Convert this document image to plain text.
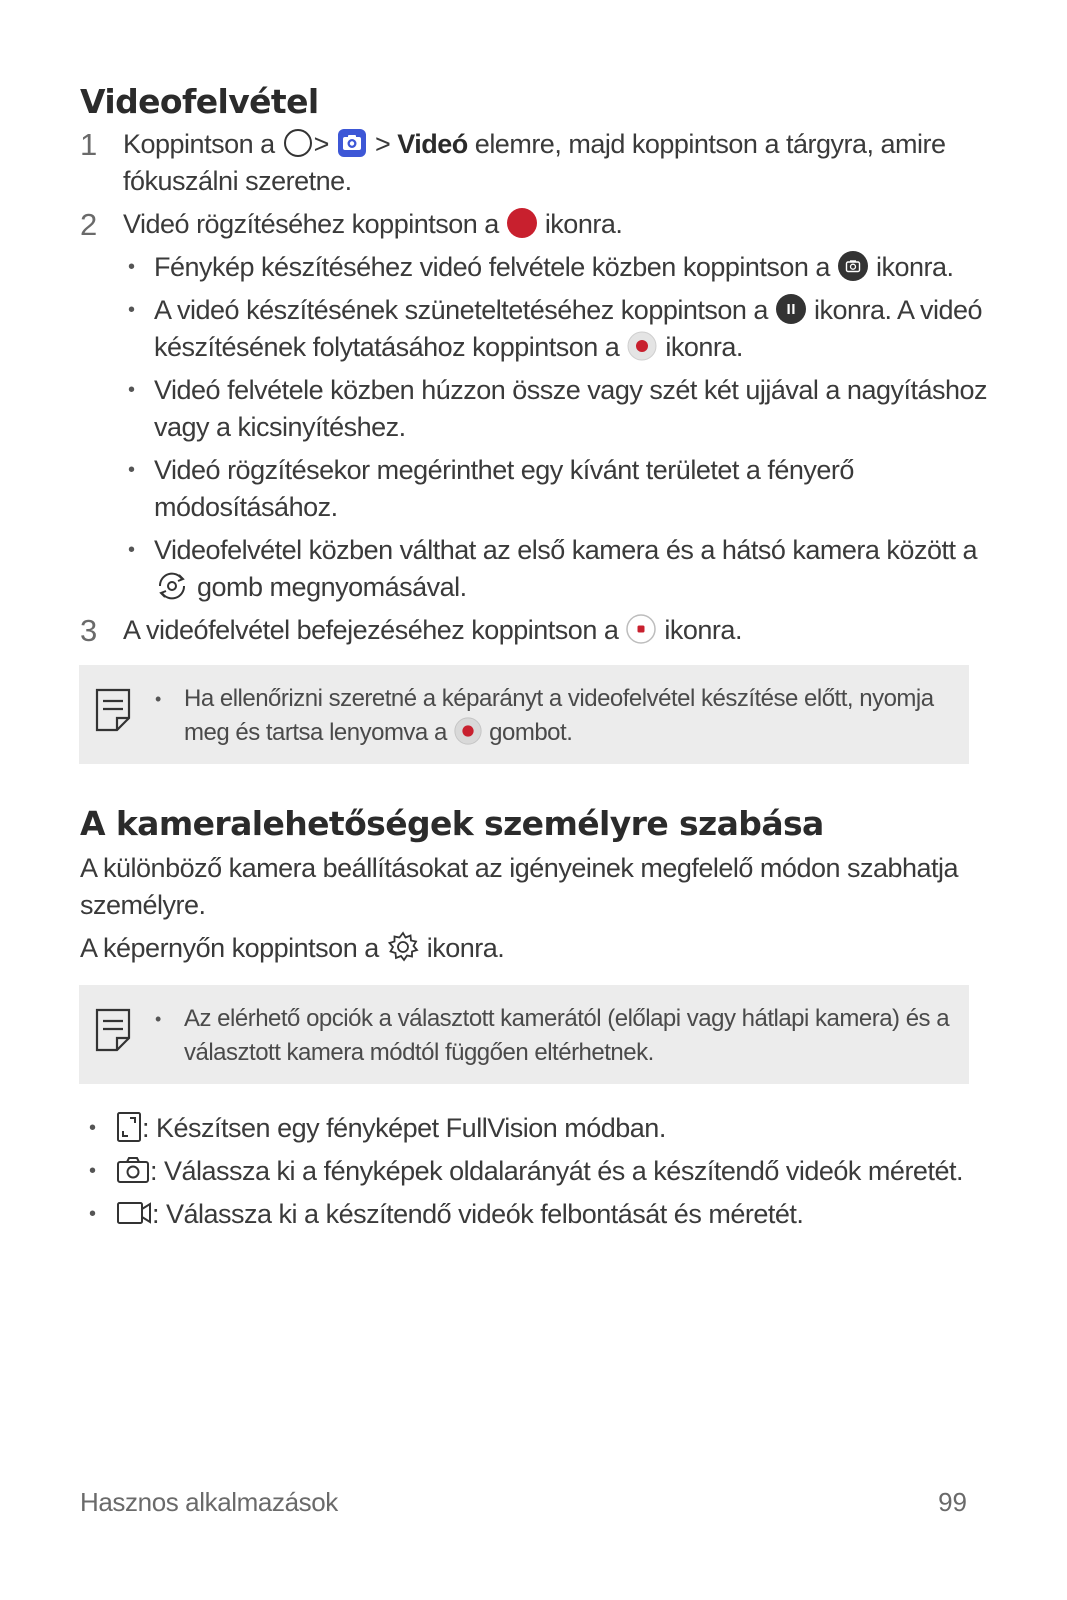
Videofelvétel
1 Koppintson a > > Videó elemre, majd koppintson a tárgyra, amire fókuszálni szeretne.
2 Videó rögzítéséhez koppintson a ikonra.
• Fénykép készítéséhez videó felvétele közben koppintson a ikonra.
• A videó készítésének szüneteltetéséhez koppintson a ikonra. A videó készítésének folytatásához koppintson a ikonra.
• Videó felvétele közben húzzon össze vagy szét két ujjával a nagyításhoz vagy a kicsinyítéshez.
• Videó rögzítésekor megérinthet egy kívánt területet a fényerő módosításához.
• Videofelvétel közben válthat az első kamera és a hátsó kamera között a
gomb megnyomásával.
3 A videófelvétel befejezéséhez koppintson a ikonra.
• Ha ellenőrizni szeretné a képarányt a videofelvétel készítése előtt, nyomja meg és tartsa lenyomva a gombot.
A kameralehetőségek személyre szabása
A különböző kamera beállításokat az igényeinek megfelelő módon szabhatja személyre.
A képernyőn koppintson a ikonra.
• Az elérhető opciók a választott kamerától (előlapi vagy hátlapi kamera) és a választott kamera módtól függően eltérhetnek.
• : Készítsen egy fényképet FullVision módban.
• : Válassza ki a fényképek oldalarányát és a készítendő videók méretét.
• : Válassza ki a készítendő videók felbontását és méretét.
Hasznos alkalmazások	99
